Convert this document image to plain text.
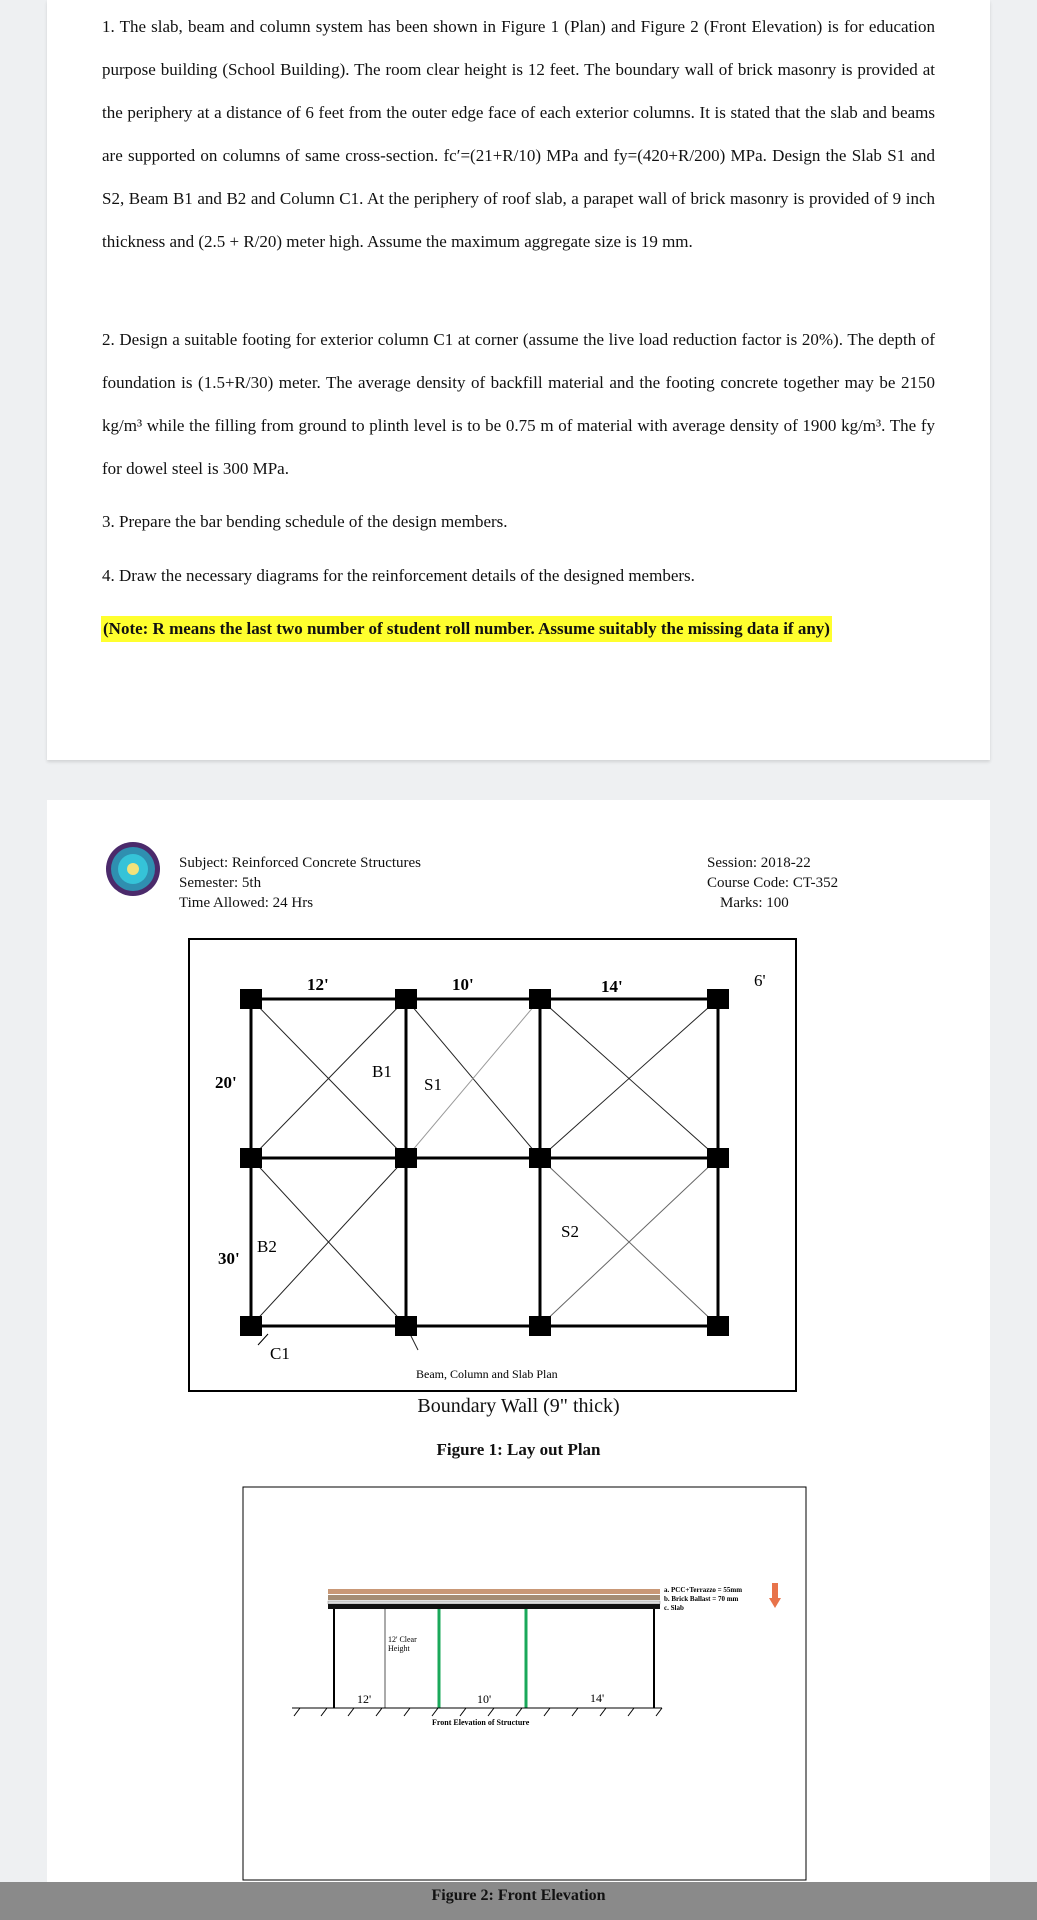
1. The slab, beam and column system has been shown in Figure 1 (Plan) and Figure 2 (Front Elevation) is for education purpose building (School Building). The room clear height is 12 feet. The boundary wall of brick masonry is provided at the periphery at a distance of 6 feet from the outer edge face of each exterior columns. It is stated that the slab and beams are supported on columns of same cross-section. fc′=(21+R/10) MPa and fy=(420+R/200) MPa. Design the Slab S1 and S2, Beam B1 and B2 and Column C1. At the periphery of roof slab, a parapet wall of brick masonry is provided of 9 inch thickness and (2.5 + R/20) meter high. Assume the maximum aggregate size is 19 mm.

2. Design a suitable footing for exterior column C1 at corner (assume the live load reduction factor is 20%). The depth of foundation is (1.5+R/30) meter. The average density of backfill material and the footing concrete together may be 2150 kg/m³ while the filling from ground to plinth level is to be 0.75 m of material with average density of 1900 kg/m³. The fy for dowel steel is 300 MPa.

3. Prepare the bar bending schedule of the design members.

4. Draw the necessary diagrams for the reinforcement details of the designed members.

(Note: R means the last two number of student roll number. Assume suitably the missing data if any)
Subject: Reinforced Concrete Structures
Semester: 5th
Time Allowed: 24 Hrs
Session: 2018-22
Course Code: CT-352
Marks: 100
12'	10'	14'	6'
20'
30'
B1
S1
S2
B2
C1
Beam, Column and Slab Plan
Boundary Wall (9" thick)
Figure 1: Lay out Plan
12' Clear
Height
12'	10'	14'
Front Elevation of Structure
a. PCC+Terrazzo = 55mm
b. Brick Ballast = 70 mm
c. Slab
Figure 2: Front Elevation
